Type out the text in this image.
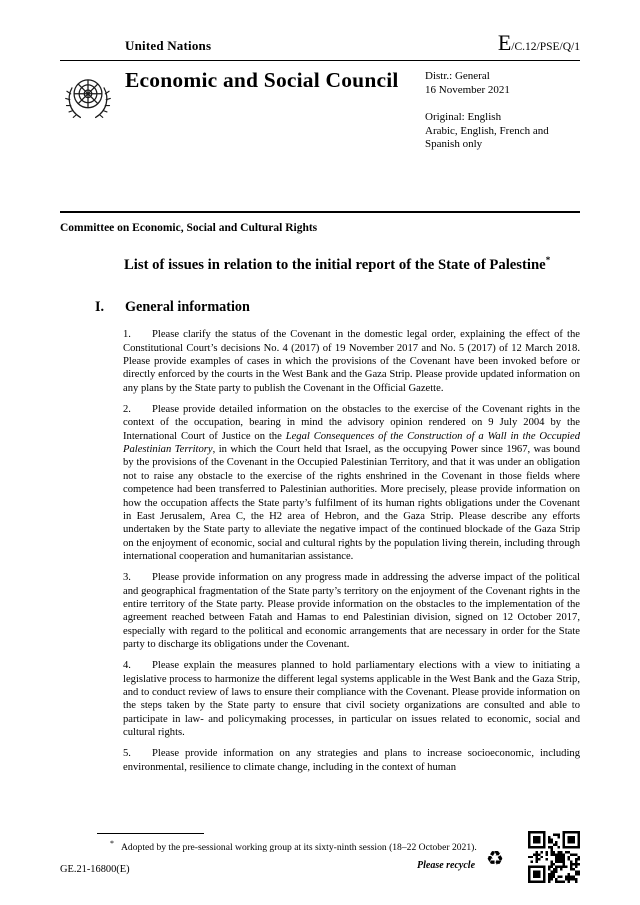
United Nations	E/C.12/PSE/Q/1
Economic and Social Council Distr.: General
16 November 2021
Original: English
Arabic, English, French and Spanish only
Committee on Economic, Social and Cultural Rights
List of issues in relation to the initial report of the State of Palestine*
I.	General information
1. Please clarify the status of the Covenant in the domestic legal order, explaining the effect of the Constitutional Court’s decisions No. 4 (2017) of 19 November 2017 and No. 5 (2017) of 12 March 2018. Please provide examples of cases in which the provisions of the Covenant have been invoked before or directly enforced by the courts in the West Bank and the Gaza Strip. Please provide updated information on any plans by the State party to publish the Covenant in the Official Gazette.
2. Please provide detailed information on the obstacles to the exercise of the Covenant rights in the context of the occupation, bearing in mind the advisory opinion rendered on 9 July 2004 by the International Court of Justice on the Legal Consequences of the Construction of a Wall in the Occupied Palestinian Territory, in which the Court held that Israel, as the occupying Power since 1967, was bound by the provisions of the Covenant in the Occupied Palestinian Territory, and that it was under an obligation not to raise any obstacle to the exercise of the rights enshrined in the Covenant in those fields where competence had been transferred to Palestinian authorities. More precisely, please provide information on how the occupation affects the State party’s fulfilment of its human rights obligations under the Covenant in East Jerusalem, Area C, the H2 area of Hebron, and the Gaza Strip. Please describe any efforts undertaken by the State party to alleviate the negative impact of the continued blockade of the Gaza Strip on the enjoyment of economic, social and cultural rights by the population living therein, including through international cooperation and humanitarian assistance.
3. Please provide information on any progress made in addressing the adverse impact of the political and geographical fragmentation of the State party’s territory on the enjoyment of the Covenant rights in the entire territory of the State party. Please provide information on the obstacles to the implementation of the agreement reached between Fatah and Hamas to end Palestinian division, signed on 12 October 2017, especially with regard to the political and economic arrangements that are necessary in order for the State party to discharge its obligations under the Covenant.
4. Please explain the measures planned to hold parliamentary elections with a view to initiating a legislative process to harmonize the different legal systems applicable in the West Bank and the Gaza Strip, and to conduct review of laws to ensure their compliance with the Covenant. Please provide information on the steps taken by the State party to ensure that civil society organizations are consulted and able to participate in law- and policymaking processes, in particular on issues related to economic, social and cultural rights.
5. Please provide information on any strategies and plans to increase socioeconomic, including environmental, resilience to climate change, including in the context of human
* Adopted by the pre-sessional working group at its sixty-ninth session (18–22 October 2021).
GE.21-16800(E)	Please recycle ♻
